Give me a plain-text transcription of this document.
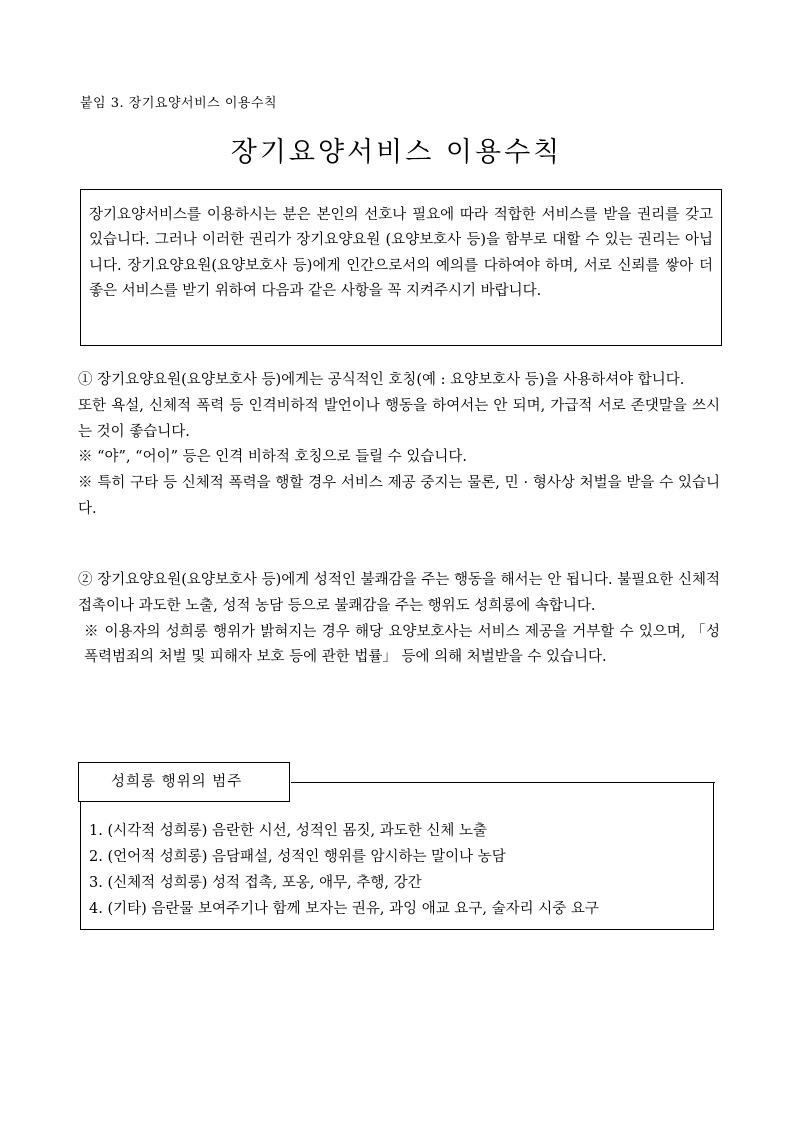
붙임 3. 장기요양서비스 이용수칙
장기요양서비스 이용수칙
장기요양서비스를 이용하시는 분은 본인의 선호나 필요에 따라 적합한 서비스를 받을 권리를 갖고 있습니다. 그러나 이러한 권리가 장기요양요원 (요양보호사 등)을 함부로 대할 수 있는 권리는 아닙니다. 장기요양요원(요양보호사 등)에게 인간으로서의 예의를 다하여야 하며, 서로 신뢰를 쌓아 더 좋은 서비스를 받기 위하여 다음과 같은 사항을 꼭 지켜주시기 바랍니다.

① 장기요양요원(요양보호사 등)에게는 공식적인 호칭(예 : 요양보호사 등)을 사용하셔야 합니다.

또한 욕설, 신체적 폭력 등 인격비하적 발언이나 행동을 하여서는 안 되며, 가급적 서로 존댓말을 쓰시는 것이 좋습니다.

※ “야”, “어이” 등은 인격 비하적 호칭으로 들릴 수 있습니다.

※ 특히 구타 등 신체적 폭력을 행할 경우 서비스 제공 중지는 물론, 민 · 형사상 처벌을 받을 수 있습니다.

② 장기요양요원(요양보호사 등)에게 성적인 불쾌감을 주는 행동을 해서는 안 됩니다. 불필요한 신체적 접촉이나 과도한 노출, 성적 농담 등으로 불쾌감을 주는 행위도 성희롱에 속합니다.

※ 이용자의 성희롱 행위가 밝혀지는 경우 해당 요양보호사는 서비스 제공을 거부할 수 있으며, 「성폭력범죄의 처벌 및 피해자 보호 등에 관한 법률」 등에 의해 처벌받을 수 있습니다.

1. (시각적 성희롱) 음란한 시선, 성적인 몸짓, 과도한 신체 노출
2. (언어적 성희롱) 음담패설, 성적인 행위를 암시하는 말이나 농담
3. (신체적 성희롱) 성적 접촉, 포옹, 애무, 추행, 강간
4. (기타) 음란물 보여주기나 함께 보자는 권유, 과잉 애교 요구, 술자리 시중 요구
성희롱 행위의 범주
